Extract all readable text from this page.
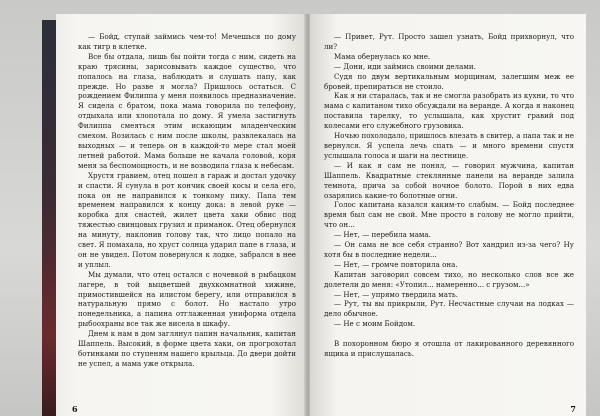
— Бойд, ступай займись чем-то! Мечешься по дому как тигр в клетке.

Все бы отдала, лишь бы пойти тогда с ним, сидеть на краю трясины, зарисовывать каждое существо, что попалось на глаза, наблюдать и слушать папу, как прежде. Но разве я могла? Пришлось остаться. С рождением Филиппа у меня появилось предназначение. Я сидела с братом, пока мама говорила по телефону, отдыхала или хлопотала по дому. Я умела застигнуть Филиппа смеяться этим искающим младенческим смехом. Возилась с ним после школы, развлекалась на выходных — и теперь он в каждой-то мере стал моей летней работой. Мама больше не качала головой, коря меня за беспомощность, и не возводила глаза к небесам.

Хрустя гравием, отец пошел в гараж и достал удочку и спасти. Я сунула в рот кончик своей косы и села его, пока он не направился к тонкому пику. Папа тем временем направился к концу дока: в левой руке — коробка для снастей, жилет цвета хаки обвис под тяжестью свинцовых грузил и приманок. Отец обернулся на минуту, наклонив голову так, что лицо попало на свет. Я помахала, но хруст солнца ударил папе в глаза, и он не увидел. Потом повернулся к лодке, забрался в нее и уплыл.

Мы думали, что отец остался с ночевкой в рыбацком лагере, в той выцветшей двухкомнатной хижине, примостившейся на илистом берегу, или отправился в натуральную прямо с болот. Но настало утро понедельника, а папина отглаженная униформа отдела рыбоохраны все так же висела в шкафу.

Днем к нам в дом заглянул папин начальник, капитан Шаппель. Высокий, в форме цвета хаки, он прогрохотал ботинками по ступеням нашего крыльца. До двери дойти не успел, а мама уже открыла.

6

— Привет, Рут. Просто зашел узнать, Бойд прихворнул, что ли?

Мама обернулась ко мне.

— Дони, иди займись своими делами.

Судя по двум вертикальным морщинам, залегшим меж ее бровей, препираться не стоило.

Как я ни старалась, так и не смогла разобрать из кухни, то что мама с капитаном тихо обсуждали на веранде. А когда я наконец поставила тарелку, то услышала, как хрустит гравий под колесами его служебного грузовика.

Ночью похолодало, пришлось влезать в свитер, а папа так и не вернулся. Я успела лечь спать — и много времени спустя услышала голоса и шаги на лестнице.

— И как я сам не понял, — говорил мужчина, капитан Шаппель. Квадратные стеклянные панели на веранде залила темнота, прича за собой ночное болото. Порой в них едва озарялись какие-то болотные огни.

Голос капитана казался каким-то слабым. — Бойд последнее время был сам не свой. Мне просто в голову не могло прийти, что он...

— Нет, — перебила мама.

— Он сама не все себя странно? Вот хандрил из-за чего? Ну хотя бы в последние недели...

— Нет, — громче повторила она.

Капитан заговорил совсем тихо, но несколько слов все же долетели до меня: «Утопил... намеренно... с грузом...»

— Нет, — упрямо твердила мать.

— Рут, ты вы прикрыли, Рут. Несчастные случаи на лодках — дело обычное.

— Не с моим Бойдом.

В похоронном бюро я отошла от лакированного деревянного ящика и прислушалась.

7
